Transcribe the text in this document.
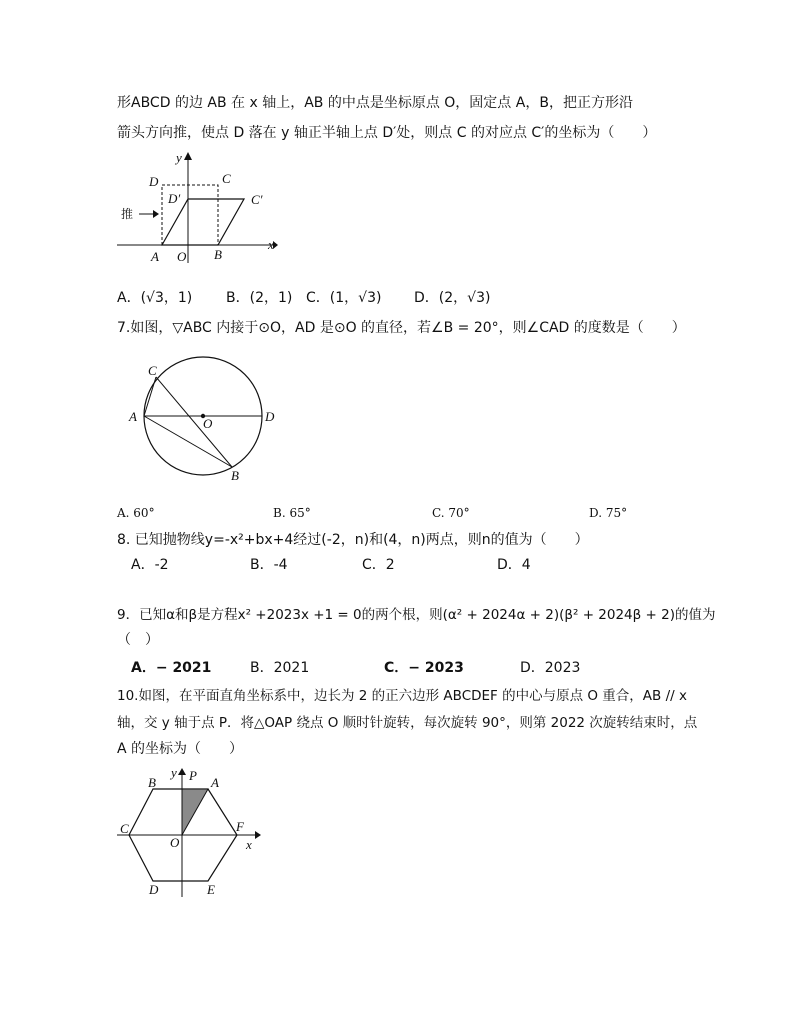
形ABCD 的边 AB 在 x 轴上，AB 的中点是坐标原点 O，固定点 A，B，把正方形沿
箭头方向推，使点 D 落在 y 轴正半轴上点 D′处，则点 C 的对应点 C′的坐标为（　　）
y
D	C
D′	C′
推
A O B
x
A．(√3，1) B．(2，1) C．(1，√3) D．(2，√3)
7.如图，▽ABC 内接于⊙O，AD 是⊙O 的直径，若∠B = 20°，则∠CAD 的度数是（　　）
C
A	O	D
B
A. 60°	B. 65°	C. 70°	D. 75°
8. 已知抛物线y=-x²+bx+4经过(-2，n)和(4，n)两点，则n的值为（　　）
A．-2	B．-4	C．2	D．4
9．已知α和β是方程x² +2023x +1 = 0的两个根，则(α² + 2024α + 2)(β² + 2024β + 2)的值为
（　）
A．− 2021	B．2021	C．− 2023	D．2023
10.如图，在平面直角坐标系中，边长为 2 的正六边形 ABCDEF 的中心与原点 O 重合，AB // x
轴，交 y 轴于点 P．将△OAP 绕点 O 顺时针旋转，每次旋转 90°，则第 2022 次旋转结束时，点
A 的坐标为（　　）
y
B	P A
C	F
O	x
D	E
